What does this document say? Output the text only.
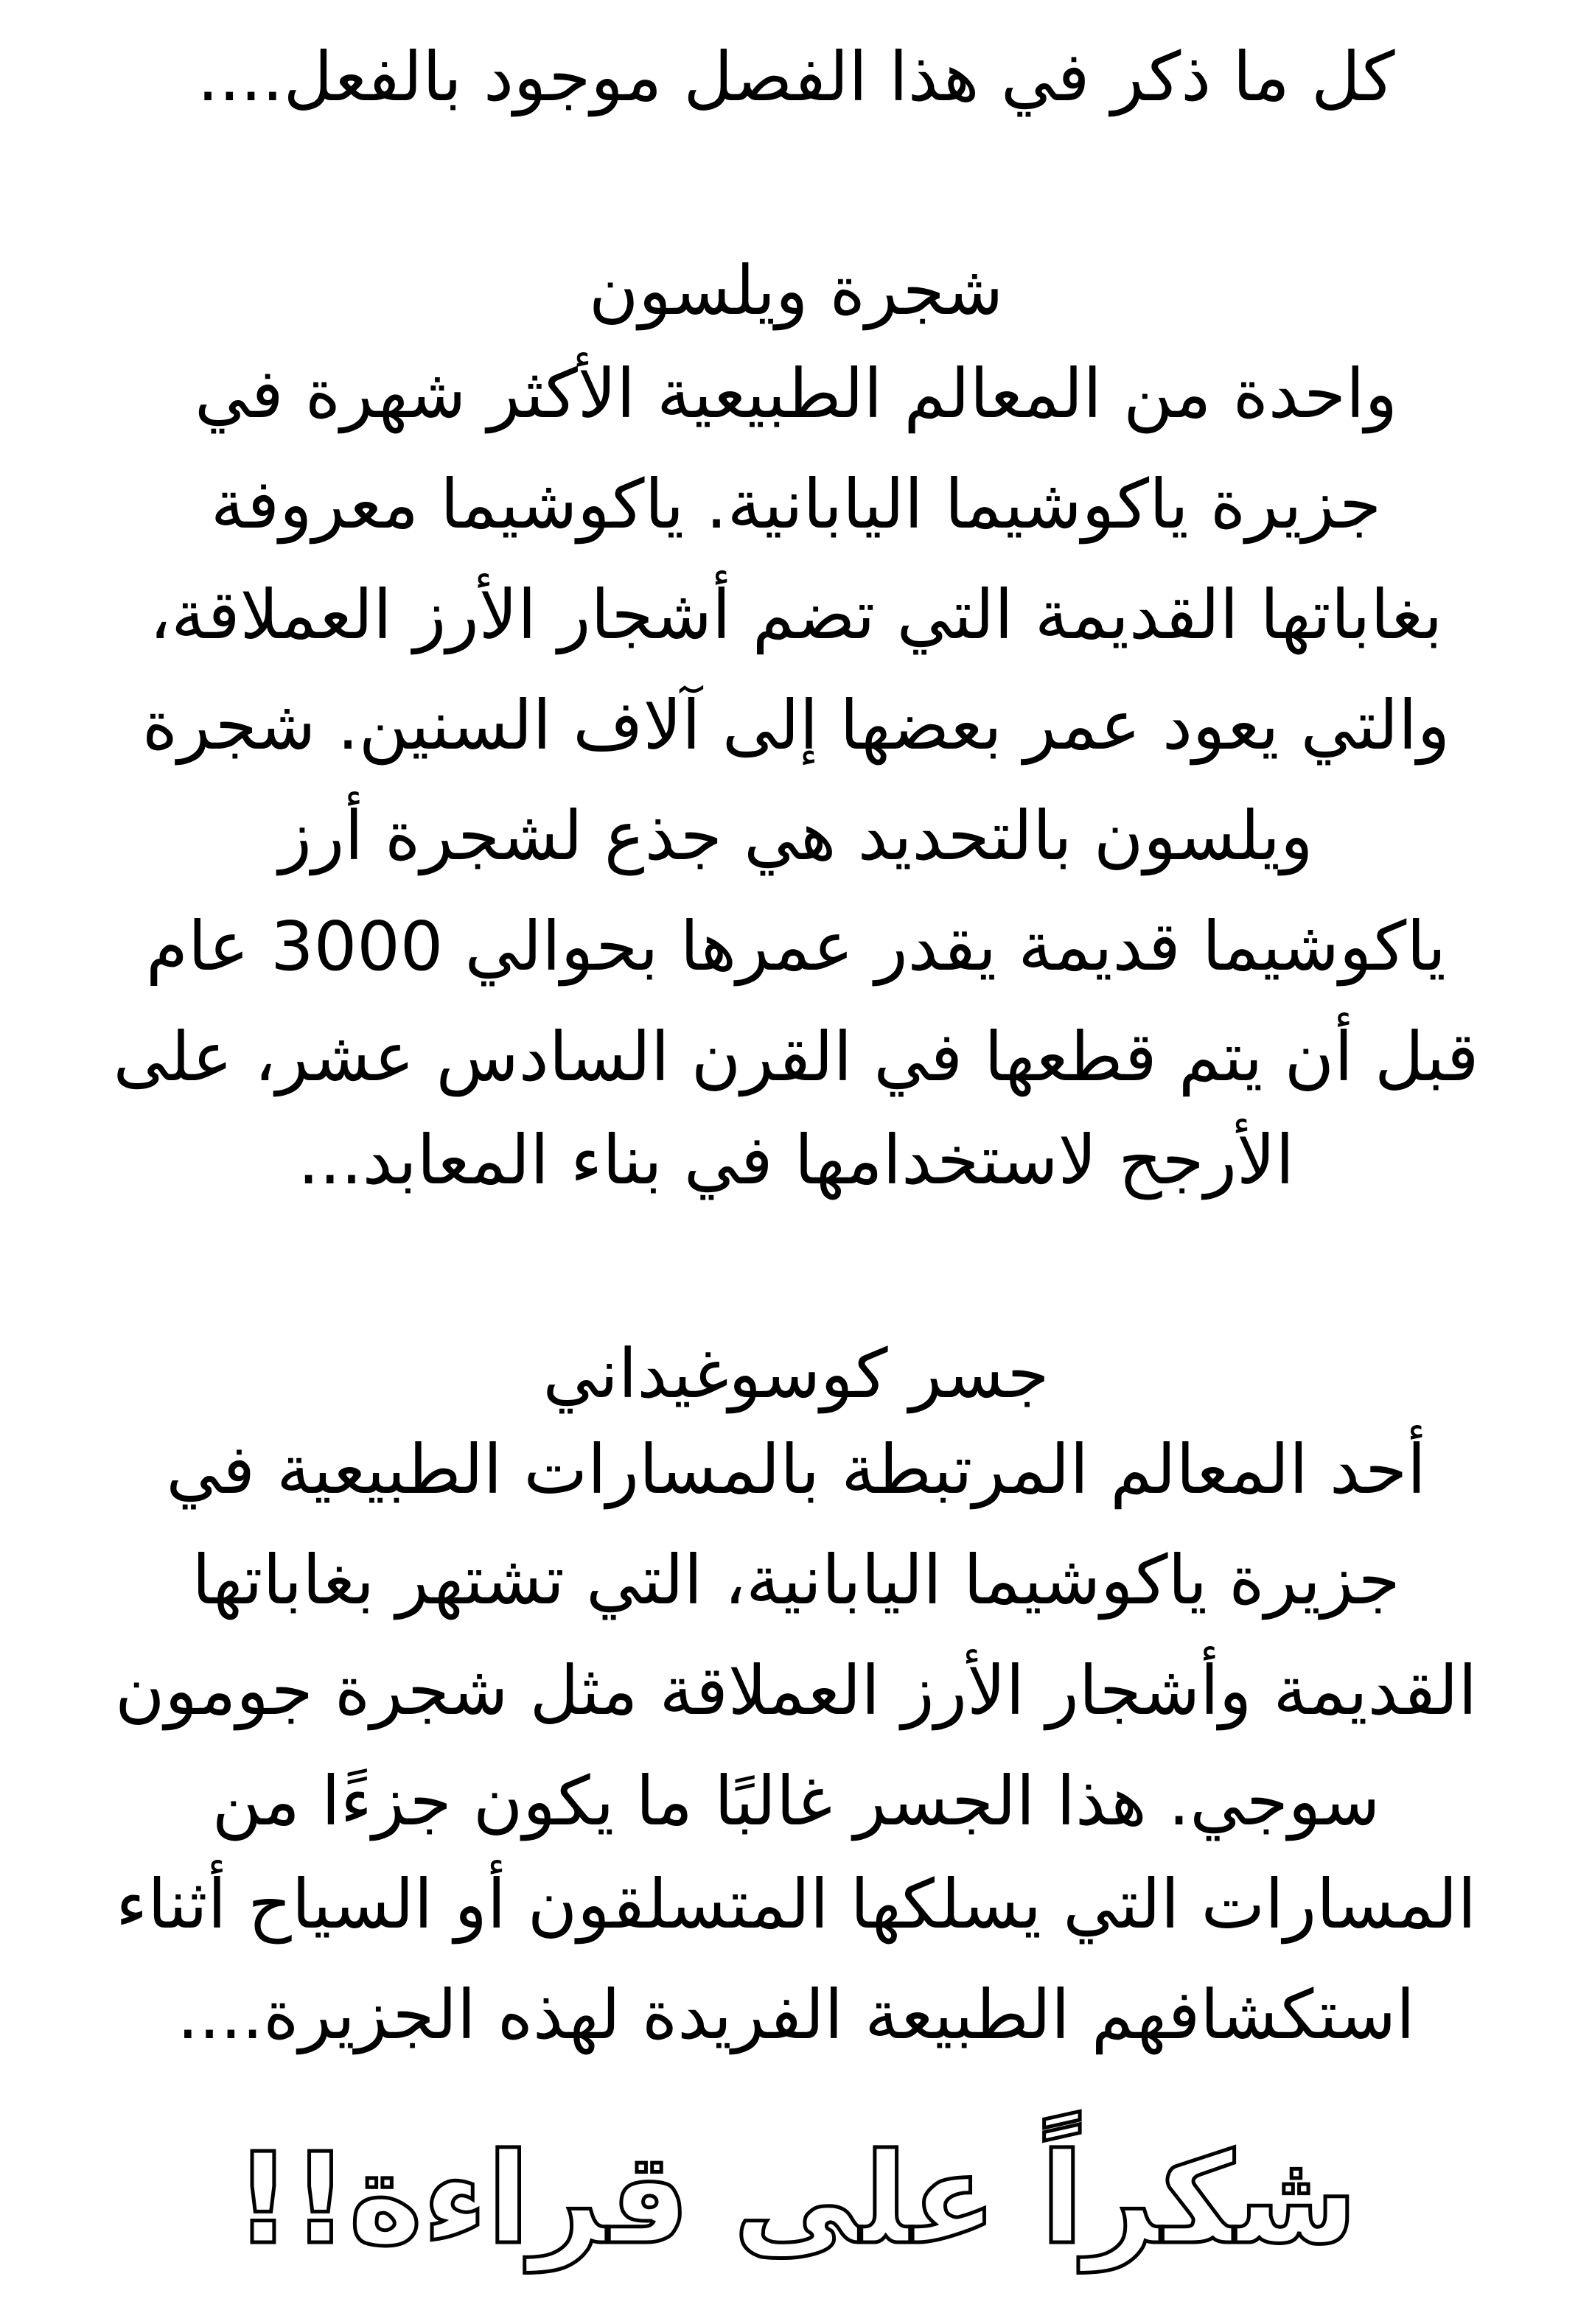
كل ما ذكر في هذا الفصل موجود بالفعل....
شجرة ويلسون
واحدة من المعالم الطبيعية الأكثر شهرة في
جزيرة ياكوشيما اليابانية. ياكوشيما معروفة
بغاباتها القديمة التي تضم أشجار الأرز العملاقة،
والتي يعود عمر بعضها إلى آلاف السنين. شجرة
ويلسون بالتحديد هي جذع لشجرة أرز
ياكوشيما قديمة يقدر عمرها بحوالي 3000 عام
قبل أن يتم قطعها في القرن السادس عشر، على
الأرجح لاستخدامها في بناء المعابد...
جسر كوسوغيداني
أحد المعالم المرتبطة بالمسارات الطبيعية في
جزيرة ياكوشيما اليابانية، التي تشتهر بغاباتها
القديمة وأشجار الأرز العملاقة مثل شجرة جومون
سوجي. هذا الجسر غالبًا ما يكون جزءًا من
المسارات التي يسلكها المتسلقون أو السياح أثناء
استكشافهم الطبيعة الفريدة لهذه الجزيرة....
شكراً على قراءة!!
